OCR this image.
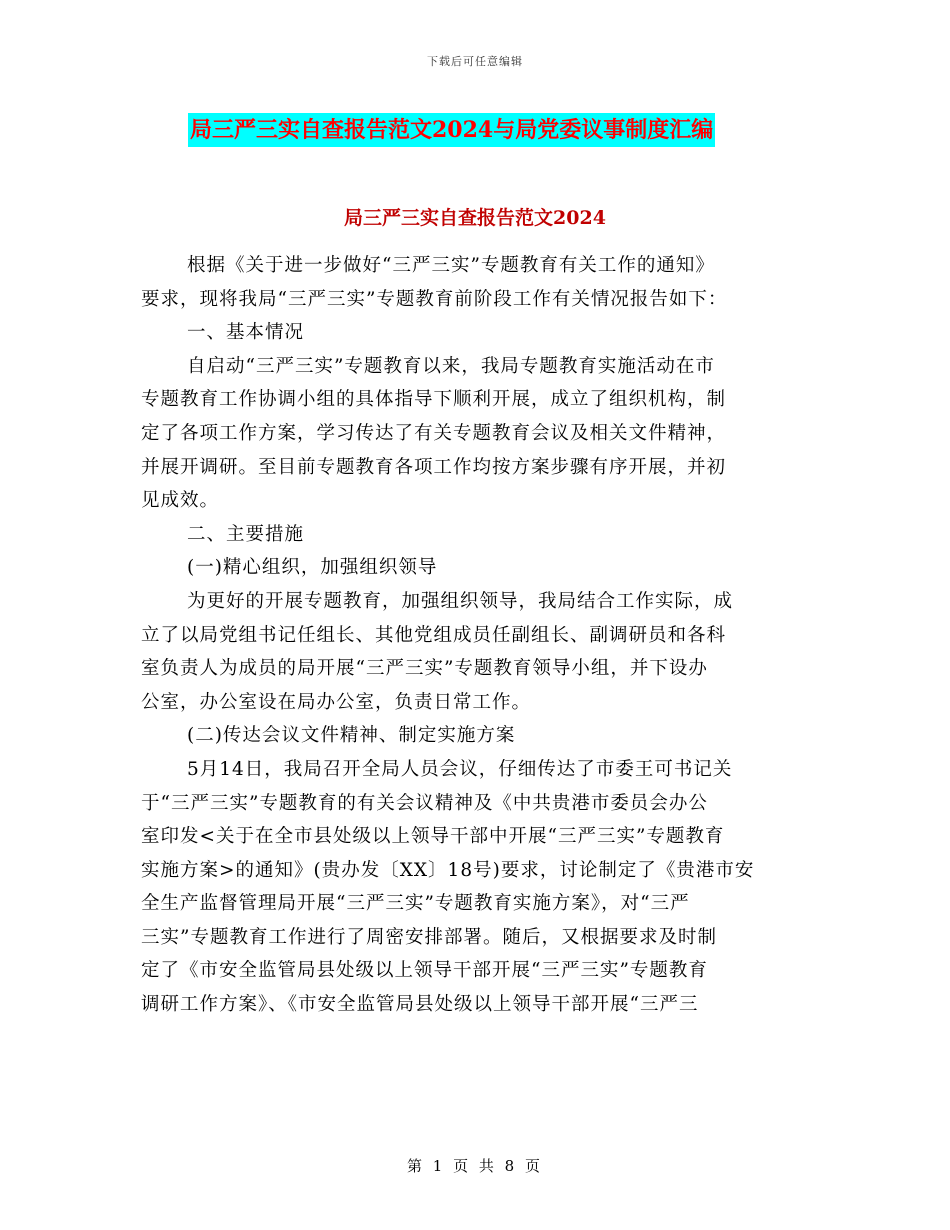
下载后可任意编辑
局三严三实自查报告范文2024与局党委议事制度汇编
局三严三实自查报告范文2024
根据《关于进一步做好“三严三实”专题教育有关工作的通知》
要求，现将我局“三严三实”专题教育前阶段工作有关情况报告如下：
一、基本情况
自启动“三严三实”专题教育以来，我局专题教育实施活动在市
专题教育工作协调小组的具体指导下顺利开展，成立了组织机构，制
定了各项工作方案，学习传达了有关专题教育会议及相关文件精神，
并展开调研。至目前专题教育各项工作均按方案步骤有序开展，并初
见成效。
二、主要措施
(一)精心组织，加强组织领导
为更好的开展专题教育，加强组织领导，我局结合工作实际，成
立了以局党组书记任组长、其他党组成员任副组长、副调研员和各科
室负责人为成员的局开展“三严三实”专题教育领导小组，并下设办
公室，办公室设在局办公室，负责日常工作。
(二)传达会议文件精神、制定实施方案
5月14日，我局召开全局人员会议，仔细传达了市委王可书记关
于“三严三实”专题教育的有关会议精神及《中共贵港市委员会办公
室印发<关于在全市县处级以上领导干部中开展“三严三实”专题教育
实施方案>的通知》(贵办发〔XX〕18号)要求，讨论制定了《贵港市安
全生产监督管理局开展“三严三实”专题教育实施方案》，对“三严
三实”专题教育工作进行了周密安排部署。随后，又根据要求及时制
定了《市安全监管局县处级以上领导干部开展“三严三实”专题教育
调研工作方案》、《市安全监管局县处级以上领导干部开展“三严三
第 1 页 共 8 页
